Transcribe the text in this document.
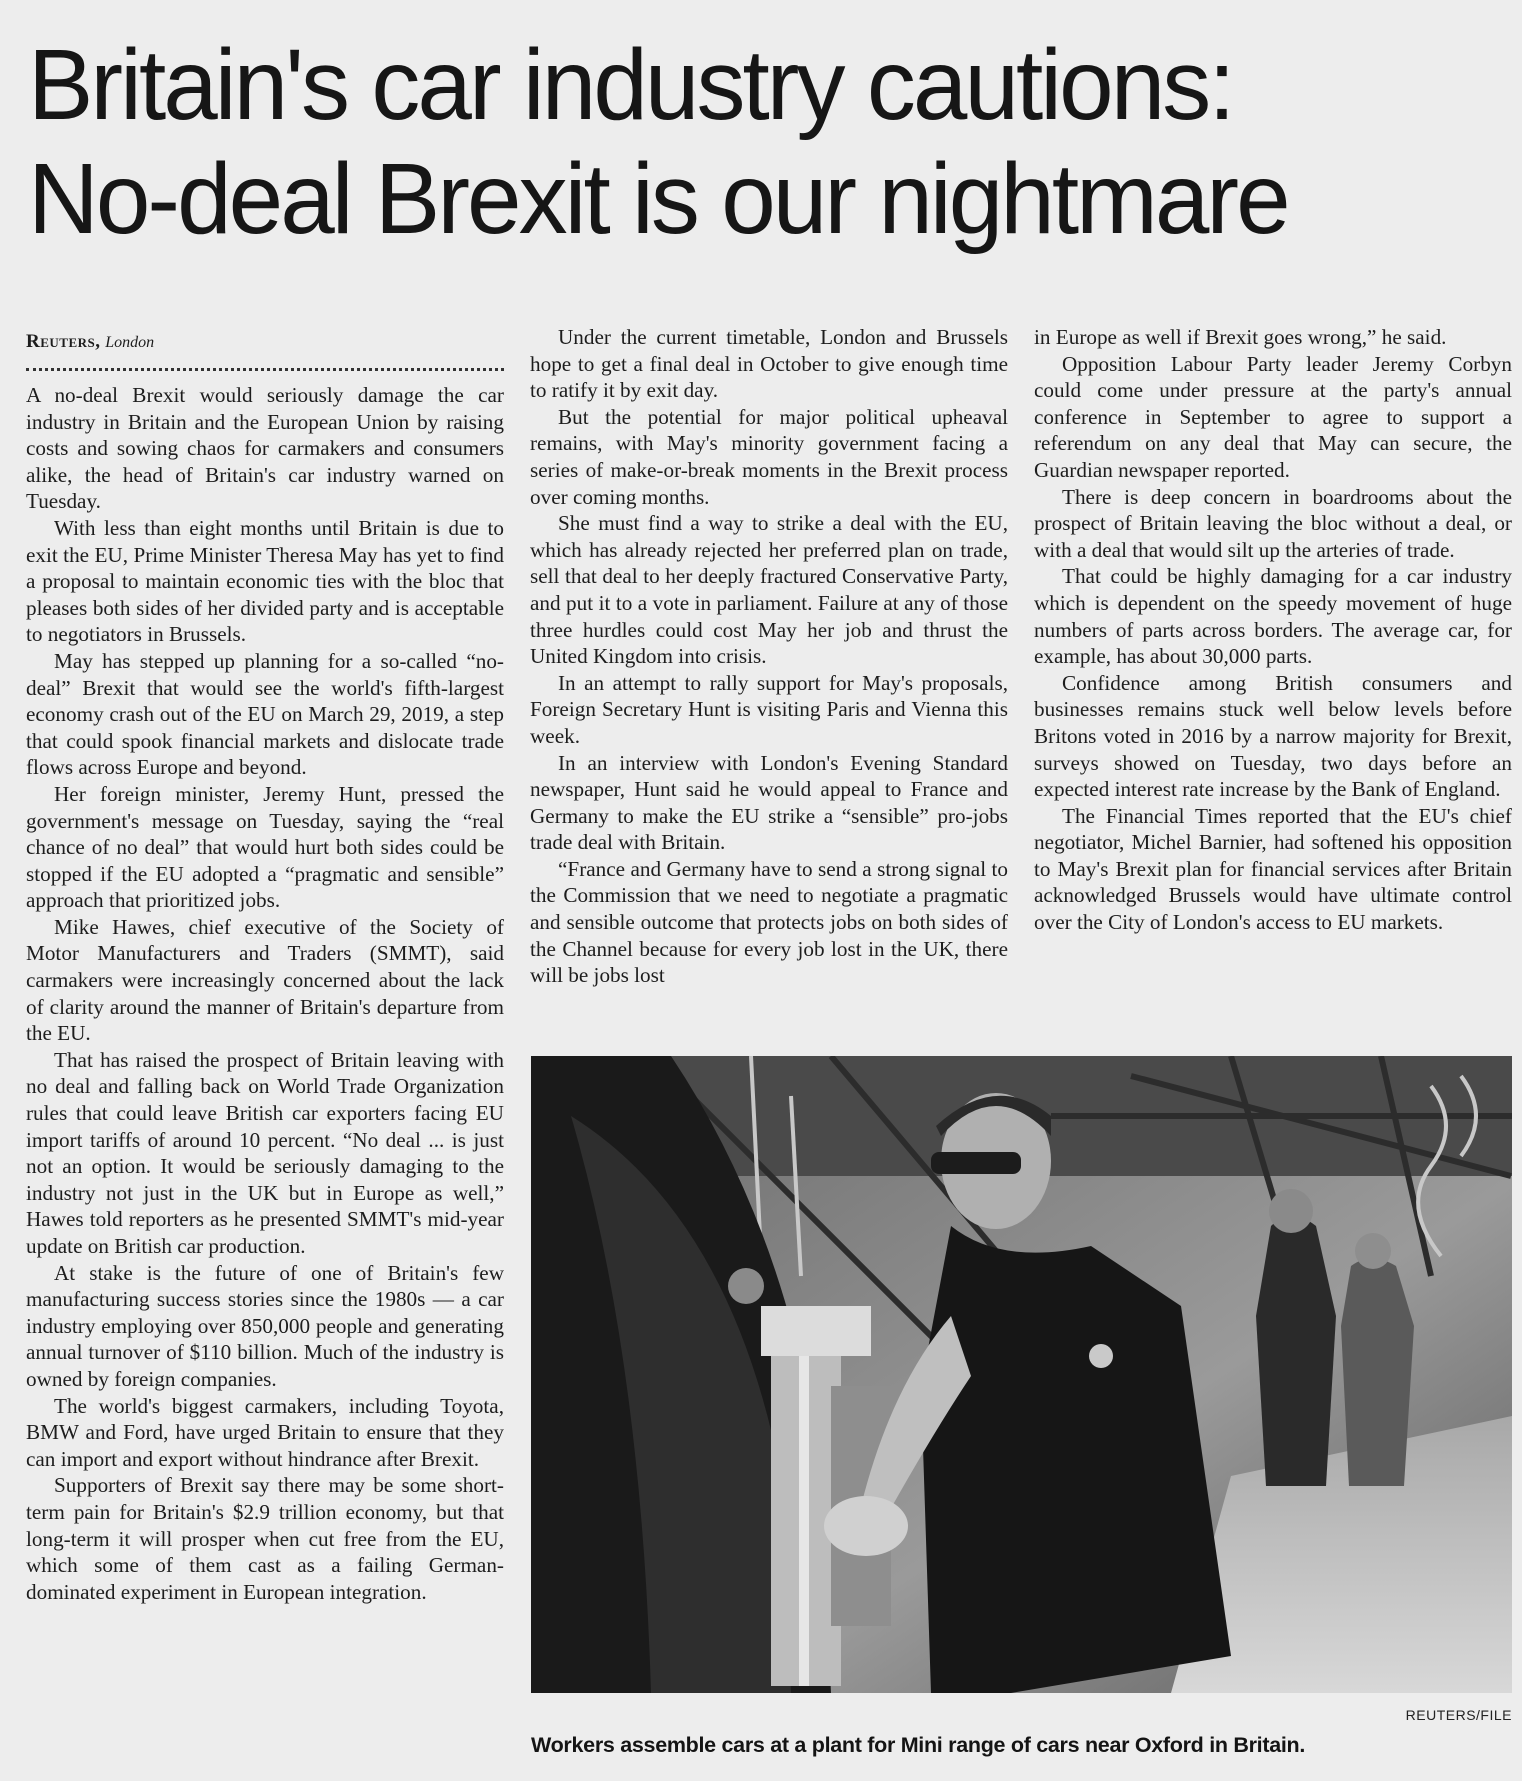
Britain's car industry cautions:
No-deal Brexit is our nightmare
Reuters, London

A no-deal Brexit would seriously damage the car industry in Britain and the European Union by raising costs and sowing chaos for carmakers and consumers alike, the head of Britain's car industry warned on Tuesday.

With less than eight months until Britain is due to exit the EU, Prime Minister Theresa May has yet to find a proposal to maintain economic ties with the bloc that pleases both sides of her divided party and is acceptable to negotiators in Brussels.

May has stepped up planning for a so-called “no-deal” Brexit that would see the world's fifth-largest economy crash out of the EU on March 29, 2019, a step that could spook financial markets and dislocate trade flows across Europe and beyond.

Her foreign minister, Jeremy Hunt, pressed the government's message on Tuesday, saying the “real chance of no deal” that would hurt both sides could be stopped if the EU adopted a “pragmatic and sensible” approach that prioritized jobs.

Mike Hawes, chief executive of the Society of Motor Manufacturers and Traders (SMMT), said carmakers were increasingly concerned about the lack of clarity around the manner of Britain's departure from the EU.

That has raised the prospect of Britain leaving with no deal and falling back on World Trade Organization rules that could leave British car exporters facing EU import tariffs of around 10 percent. “No deal ... is just not an option. It would be seriously damaging to the industry not just in the UK but in Europe as well,” Hawes told reporters as he presented SMMT's mid-year update on British car production.

At stake is the future of one of Britain's few manufacturing success stories since the 1980s — a car industry employing over 850,000 people and generating annual turnover of $110 billion. Much of the industry is owned by foreign companies.

The world's biggest carmakers, including Toyota, BMW and Ford, have urged Britain to ensure that they can import and export without hindrance after Brexit.

Supporters of Brexit say there may be some short-term pain for Britain's $2.9 trillion economy, but that long-term it will prosper when cut free from the EU, which some of them cast as a failing German-dominated experiment in European integration.

Under the current timetable, London and Brussels hope to get a final deal in October to give enough time to ratify it by exit day.

But the potential for major political upheaval remains, with May's minority government facing a series of make-or-break moments in the Brexit process over coming months.

She must find a way to strike a deal with the EU, which has already rejected her preferred plan on trade, sell that deal to her deeply fractured Conservative Party, and put it to a vote in parliament. Failure at any of those three hurdles could cost May her job and thrust the United Kingdom into crisis.

In an attempt to rally support for May's proposals, Foreign Secretary Hunt is visiting Paris and Vienna this week.

In an interview with London's Evening Standard newspaper, Hunt said he would appeal to France and Germany to make the EU strike a “sensible” pro-jobs trade deal with Britain.

“France and Germany have to send a strong signal to the Commission that we need to negotiate a pragmatic and sensible outcome that protects jobs on both sides of the Channel because for every job lost in the UK, there will be jobs lost

in Europe as well if Brexit goes wrong,” he said.

Opposition Labour Party leader Jeremy Corbyn could come under pressure at the party's annual conference in September to agree to support a referendum on any deal that May can secure, the Guardian newspaper reported.

There is deep concern in boardrooms about the prospect of Britain leaving the bloc without a deal, or with a deal that would silt up the arteries of trade.

That could be highly damaging for a car industry which is dependent on the speedy movement of huge numbers of parts across borders. The average car, for example, has about 30,000 parts.

Confidence among British consumers and businesses remains stuck well below levels before Britons voted in 2016 by a narrow majority for Brexit, surveys showed on Tuesday, two days before an expected interest rate increase by the Bank of England.

The Financial Times reported that the EU's chief negotiator, Michel Barnier, had softened his opposition to May's Brexit plan for financial services after Britain acknowledged Brussels would have ultimate control over the City of London's access to EU markets.

REUTERS/FILE
Workers assemble cars at a plant for Mini range of cars near Oxford in Britain.
